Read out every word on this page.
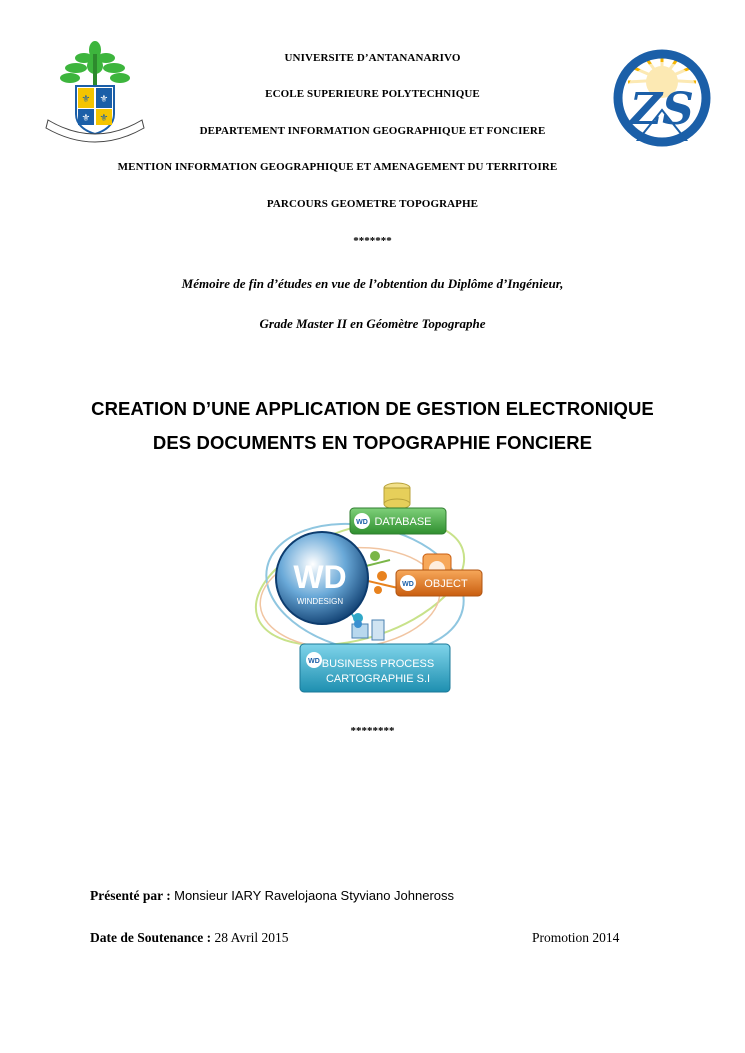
⚜ ⚜
⚜ ⚜	ZS
UNIVERSITE D’ANTANANARIVO
ECOLE SUPERIEURE POLYTECHNIQUE
DEPARTEMENT INFORMATION GEOGRAPHIQUE ET FONCIERE
MENTION INFORMATION GEOGRAPHIQUE ET AMENAGEMENT DU TERRITOIRE
PARCOURS GEOMETRE TOPOGRAPHE
*******
Mémoire de fin d’études en vue de l’obtention du Diplôme d’Ingénieur,
Grade Master II en Géomètre Topographe
CREATION D’UNE APPLICATION DE GESTION ELECTRONIQUE
DES DOCUMENTS EN TOPOGRAPHIE FONCIERE
WD
WINDESIGN
WD DATABASE
WD OBJECT
WD BUSINESS PROCESS
CARTOGRAPHIE S.I
********
Présenté par : Monsieur IARY Ravelojaona Styviano Johneross
Date de Soutenance : 28 Avril 2015	Promotion 2014
